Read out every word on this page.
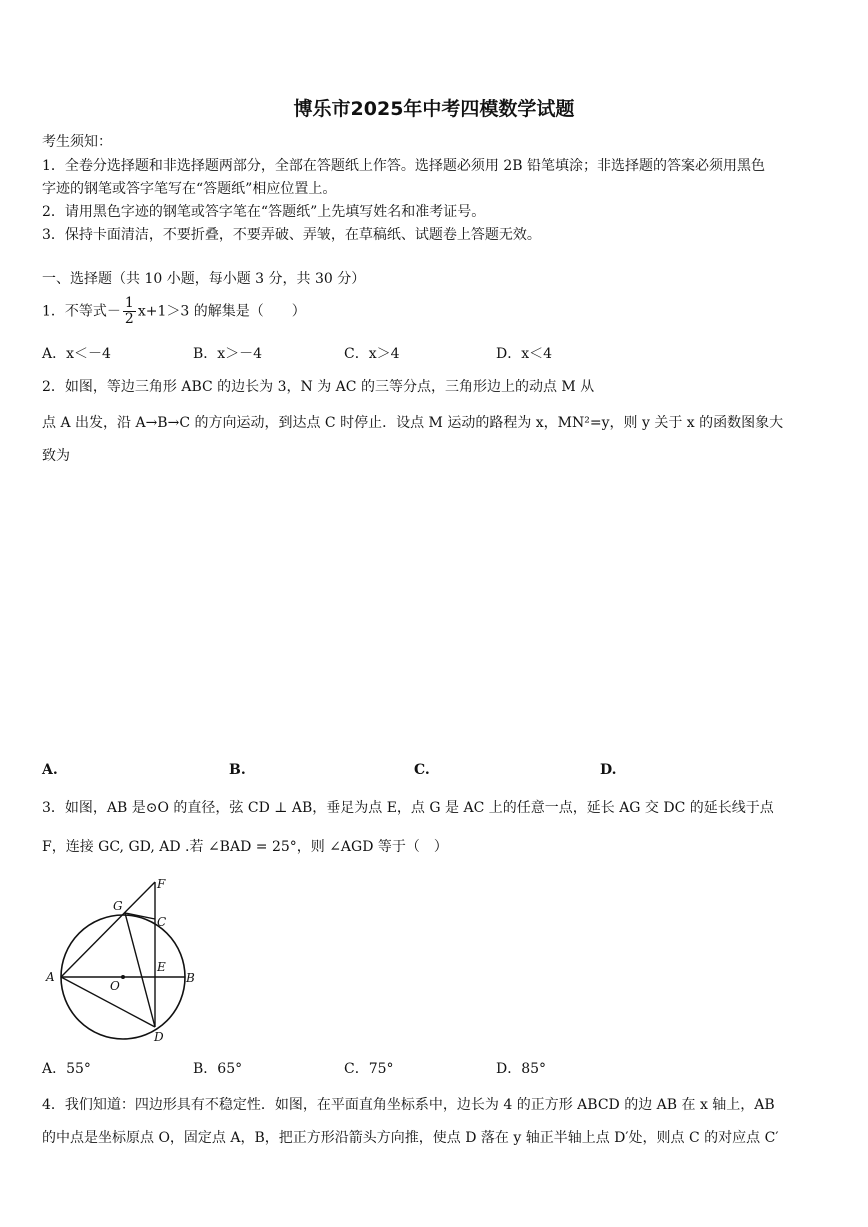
博乐市2025年中考四模数学试题
考生须知：
1．全卷分选择题和非选择题两部分，全部在答题纸上作答。选择题必须用 2B 铅笔填涂；非选择题的答案必须用黑色
字迹的钢笔或答字笔写在“答题纸”相应位置上。
2．请用黑色字迹的钢笔或答字笔在“答题纸”上先填写姓名和准考证号。
3．保持卡面清洁，不要折叠，不要弄破、弄皱，在草稿纸、试题卷上答题无效。
一、选择题（共 10 小题，每小题 3 分，共 30 分）
1．不等式－ $\frac{1}{2} x+1>3$ 的解集是（　　）
A．x＜－4	B．x＞－4	C．x＞4	D．x＜4
2．如图，等边三角形 ABC 的边长为 3，N 为 AC 的三等分点，三角形边上的动点 M 从
点 A 出发，沿 A→B→C 的方向运动，到达点 C 时停止．设点 M 运动的路程为 x，MN²=y，则 y 关于 x 的函数图象大
致为
A.	B.	C.	D.
3．如图，AB 是⊙O 的直径，弦 CD ⊥ AB，垂足为点 E，点 G 是 AC 上的任意一点，延长 AG 交 DC 的延长线于点
F，连接 GC, GD, AD .若 ∠BAD = 25°，则 ∠AGD 等于（　）
F
G
C
A
O
E
B
D
A．55°	B．65°	C．75°	D．85°
4．我们知道：四边形具有不稳定性．如图，在平面直角坐标系中，边长为 4 的正方形 ABCD 的边 AB 在 x 轴上，AB
的中点是坐标原点 O，固定点 A，B，把正方形沿箭头方向推，使点 D 落在 y 轴正半轴上点 D′处，则点 C 的对应点 C′
